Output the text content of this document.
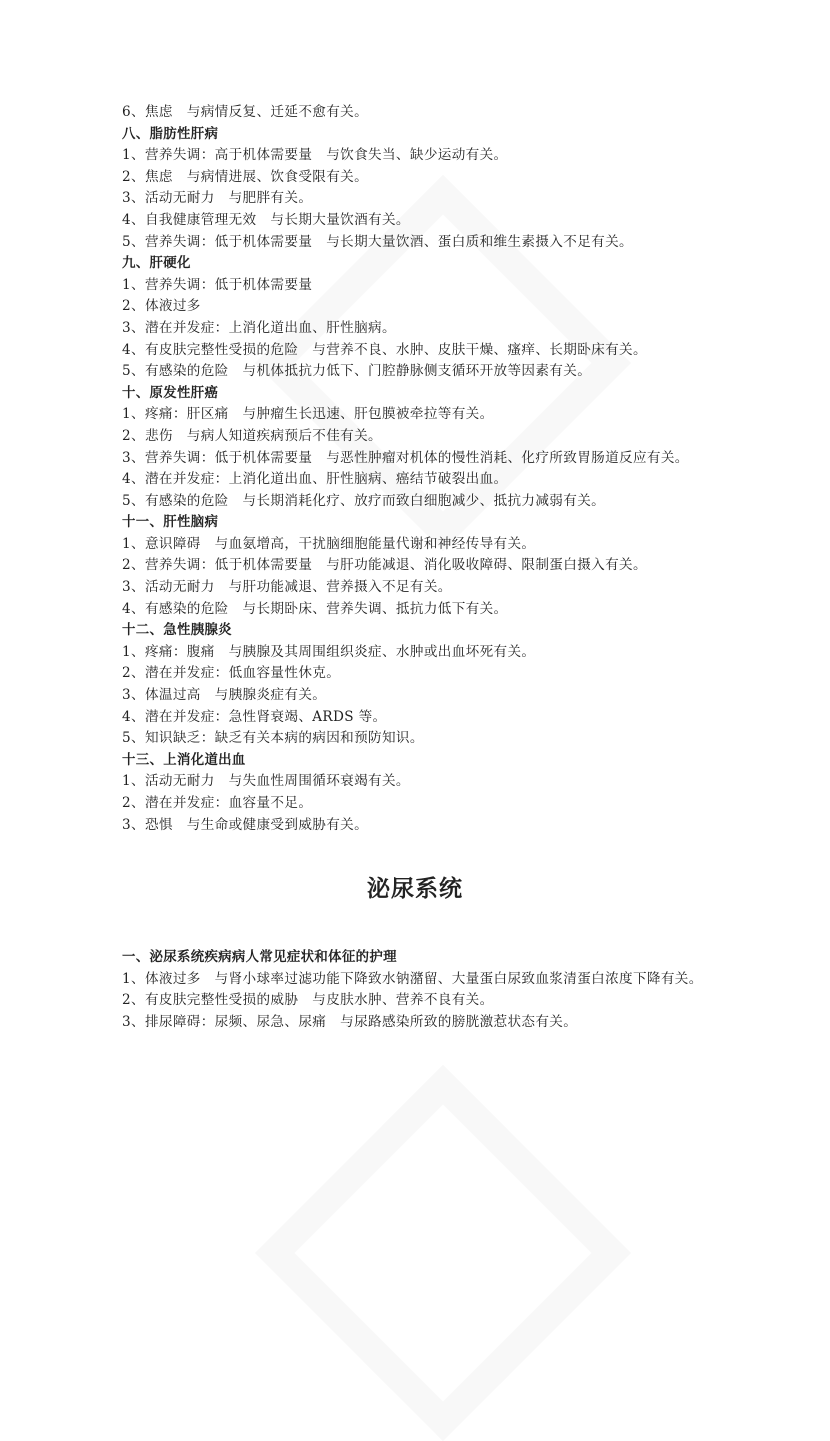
6、焦虑　与病情反复、迁延不愈有关。
八、脂肪性肝病
1、营养失调：高于机体需要量　与饮食失当、缺少运动有关。
2、焦虑　与病情进展、饮食受限有关。
3、活动无耐力　与肥胖有关。
4、自我健康管理无效　与长期大量饮酒有关。
5、营养失调：低于机体需要量　与长期大量饮酒、蛋白质和维生素摄入不足有关。
九、肝硬化
1、营养失调：低于机体需要量
2、体液过多
3、潜在并发症：上消化道出血、肝性脑病。
4、有皮肤完整性受损的危险　与营养不良、水肿、皮肤干燥、瘙痒、长期卧床有关。
5、有感染的危险　与机体抵抗力低下、门腔静脉侧支循环开放等因素有关。
十、原发性肝癌
1、疼痛：肝区痛　与肿瘤生长迅速、肝包膜被牵拉等有关。
2、悲伤　与病人知道疾病预后不佳有关。
3、营养失调：低于机体需要量　与恶性肿瘤对机体的慢性消耗、化疗所致胃肠道反应有关。
4、潜在并发症：上消化道出血、肝性脑病、癌结节破裂出血。
5、有感染的危险　与长期消耗化疗、放疗而致白细胞减少、抵抗力减弱有关。
十一、肝性脑病
1、意识障碍　与血氨增高，干扰脑细胞能量代谢和神经传导有关。
2、营养失调：低于机体需要量　与肝功能减退、消化吸收障碍、限制蛋白摄入有关。
3、活动无耐力　与肝功能减退、营养摄入不足有关。
4、有感染的危险　与长期卧床、营养失调、抵抗力低下有关。
十二、急性胰腺炎
1、疼痛：腹痛　与胰腺及其周围组织炎症、水肿或出血坏死有关。
2、潜在并发症：低血容量性休克。
3、体温过高　与胰腺炎症有关。
4、潜在并发症：急性肾衰竭、ARDS 等。
5、知识缺乏：缺乏有关本病的病因和预防知识。
十三、上消化道出血
1、活动无耐力　与失血性周围循环衰竭有关。
2、潜在并发症：血容量不足。
3、恐惧　与生命或健康受到威胁有关。
泌尿系统
一、泌尿系统疾病病人常见症状和体征的护理
1、体液过多　与肾小球率过滤功能下降致水钠潴留、大量蛋白尿致血浆清蛋白浓度下降有关。
2、有皮肤完整性受损的威胁　与皮肤水肿、营养不良有关。
3、排尿障碍：尿频、尿急、尿痛　与尿路感染所致的膀胱激惹状态有关。
